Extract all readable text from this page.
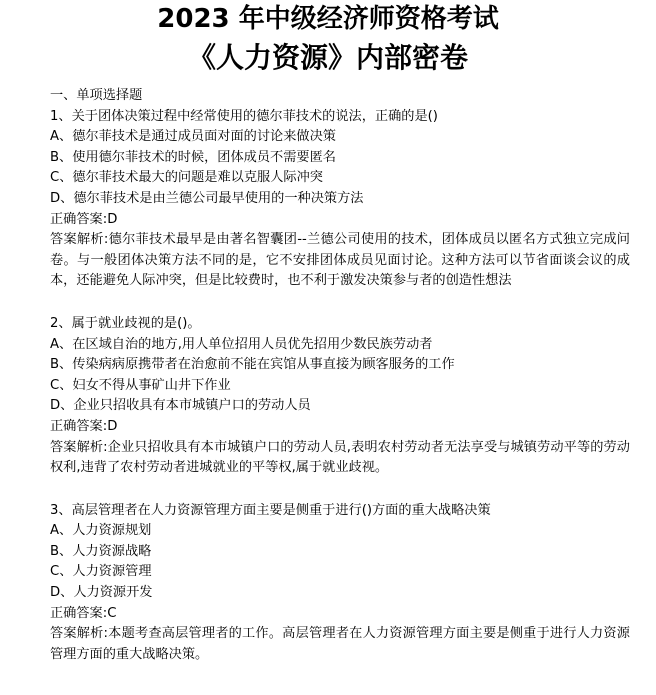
2023 年中级经济师资格考试
《人力资源》内部密卷
一、单项选择题
1、关于团体决策过程中经常使用的德尔菲技术的说法，正确的是()
A、德尔菲技术是通过成员面对面的讨论来做决策
B、使用德尔菲技术的时候，团体成员不需要匿名
C、德尔菲技术最大的问题是难以克服人际冲突
D、德尔菲技术是由兰德公司最早使用的一种决策方法
正确答案:D
答案解析:德尔菲技术最早是由著名智囊团--兰德公司使用的技术，团体成员以匿名方式独立完成问卷。与一般团体决策方法不同的是，它不安排团体成员见面讨论。这种方法可以节省面谈会议的成本，还能避免人际冲突，但是比较费时，也不利于激发决策参与者的创造性想法
2、属于就业歧视的是()。
A、在区域自治的地方,用人单位招用人员优先招用少数民族劳动者
B、传染病病原携带者在治愈前不能在宾馆从事直接为顾客服务的工作
C、妇女不得从事矿山井下作业
D、企业只招收具有本市城镇户口的劳动人员
正确答案:D
答案解析:企业只招收具有本市城镇户口的劳动人员,表明农村劳动者无法享受与城镇劳动平等的劳动权利,违背了农村劳动者进城就业的平等权,属于就业歧视。
3、高层管理者在人力资源管理方面主要是侧重于进行()方面的重大战略决策
A、人力资源规划
B、人力资源战略
C、人力资源管理
D、人力资源开发
正确答案:C
答案解析:本题考查高层管理者的工作。高层管理者在人力资源管理方面主要是侧重于进行人力资源管理方面的重大战略决策。
